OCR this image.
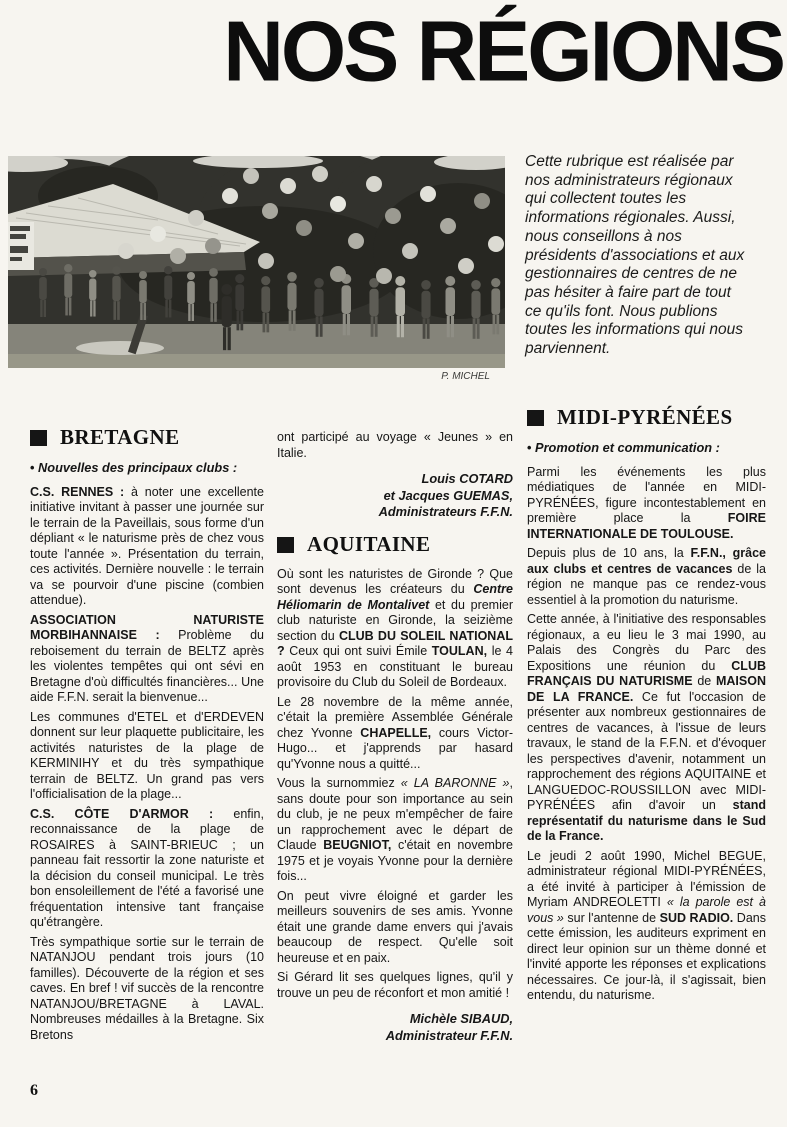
NOS RÉGIONS
P. MICHEL
Cette rubrique est réalisée par nos administrateurs régionaux qui collectent toutes les informations régionales. Aussi, nous conseillons à nos présidents d'associations et aux gestionnaires de centres de ne pas hésiter à faire part de tout ce qu'ils font. Nous publions toutes les informations qui nous parviennent.
BRETAGNE

• Nouvelles des principaux clubs :

C.S. RENNES : à noter une excellente initiative invitant à passer une journée sur le terrain de la Paveillais, sous forme d'un dépliant « le naturisme près de chez vous toute l'année ». Présentation du terrain, ces activités. Dernière nouvelle : le terrain va se pourvoir d'une piscine (combien attendue).

ASSOCIATION NATURISTE MORBIHANNAISE : Problème du reboisement du terrain de BELTZ après les violentes tempêtes qui ont sévi en Bretagne d'où difficultés financières... Une aide F.F.N. serait la bienvenue...

Les communes d'ETEL et d'ERDEVEN donnent sur leur plaquette publicitaire, les activités naturistes de la plage de KERMINIHY et du très sympathique terrain de BELTZ. Un grand pas vers l'officialisation de la plage...

C.S. CÔTE D'ARMOR : enfin, reconnaissance de la plage de ROSAIRES à SAINT-BRIEUC ; un panneau fait ressortir la zone naturiste et la décision du conseil municipal. Le très bon ensoleillement de l'été a favorisé une fréquentation intensive tant française qu'étrangère.

Très sympathique sortie sur le terrain de NATANJOU pendant trois jours (10 familles). Découverte de la région et ses caves. En bref ! vif succès de la rencontre NATANJOU/BRETAGNE à LAVAL. Nombreuses médailles à la Bretagne. Six Bretons

ont participé au voyage « Jeunes » en Italie.

Louis COTARD

et Jacques GUEMAS,

Administrateurs F.F.N.

AQUITAINE

Où sont les naturistes de Gironde ? Que sont devenus les créateurs du Centre Héliomarin de Montalivet et du premier club naturiste en Gironde, la seizième section du CLUB DU SOLEIL NATIONAL ? Ceux qui ont suivi Émile TOULAN, le 4 août 1953 en constituant le bureau provisoire du Club du Soleil de Bordeaux.

Le 28 novembre de la même année, c'était la première Assemblée Générale chez Yvonne CHAPELLE, cours Victor-Hugo... et j'apprends par hasard qu'Yvonne nous a quitté...

Vous la surnommiez « LA BARONNE », sans doute pour son importance au sein du club, je ne peux m'empêcher de faire un rapprochement avec le départ de Claude BEUGNIOT, c'était en novembre 1975 et je voyais Yvonne pour la dernière fois...

On peut vivre éloigné et garder les meilleurs souvenirs de ses amis. Yvonne était une grande dame envers qui j'avais beaucoup de respect. Qu'elle soit heureuse et en paix.

Si Gérard lit ses quelques lignes, qu'il y trouve un peu de réconfort et mon amitié !

Michèle SIBAUD,

Administrateur F.F.N.

MIDI-PYRÉNÉES

• Promotion et communication :

Parmi les événements les plus médiatiques de l'année en MIDI-PYRÉNÉES, figure incontestablement en première place la FOIRE INTERNATIONALE DE TOULOUSE.

Depuis plus de 10 ans, la F.F.N., grâce aux clubs et centres de vacances de la région ne manque pas ce rendez-vous essentiel à la promotion du naturisme.

Cette année, à l'initiative des responsables régionaux, a eu lieu le 3 mai 1990, au Palais des Congrès du Parc des Expositions une réunion du CLUB FRANÇAIS DU NATURISME de MAISON DE LA FRANCE. Ce fut l'occasion de présenter aux nombreux gestionnaires de centres de vacances, à l'issue de leurs travaux, le stand de la F.F.N. et d'évoquer les perspectives d'avenir, notamment un rapprochement des régions AQUITAINE et LANGUEDOC-ROUSSILLON avec MIDI-PYRÉNÉES afin d'avoir un stand représentatif du naturisme dans le Sud de la France.

Le jeudi 2 août 1990, Michel BEGUE, administrateur régional MIDI-PYRÉNÉES, a été invité à participer à l'émission de Myriam ANDREOLETTI « la parole est à vous » sur l'antenne de SUD RADIO. Dans cette émission, les auditeurs expriment en direct leur opinion sur un thème donné et l'invité apporte les réponses et explications nécessaires. Ce jour-là, il s'agissait, bien entendu, du naturisme.

6
